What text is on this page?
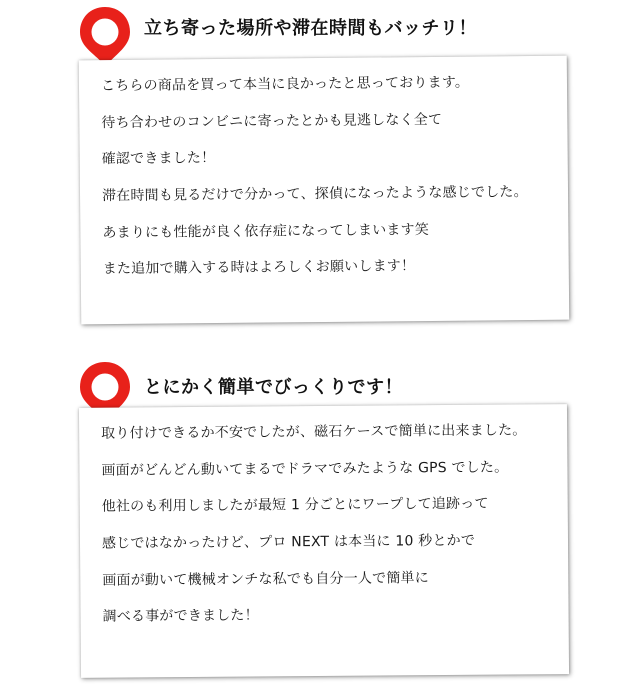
立ち寄った場所や滞在時間もバッチリ！
こちらの商品を買って本当に良かったと思っております。
待ち合わせのコンビニに寄ったとかも見逃しなく全て
確認できました！
滞在時間も見るだけで分かって、探偵になったような感じでした。
あまりにも性能が良く依存症になってしまいます笑
また追加で購入する時はよろしくお願いします！
とにかく簡単でびっくりです！
取り付けできるか不安でしたが、磁石ケースで簡単に出来ました。
画面がどんどん動いてまるでドラマでみたような GPS でした。
他社のも利用しましたが最短 1 分ごとにワープして追跡って
感じではなかったけど、プロ NEXT は本当に 10 秒とかで
画面が動いて機械オンチな私でも自分一人で簡単に
調べる事ができました！
